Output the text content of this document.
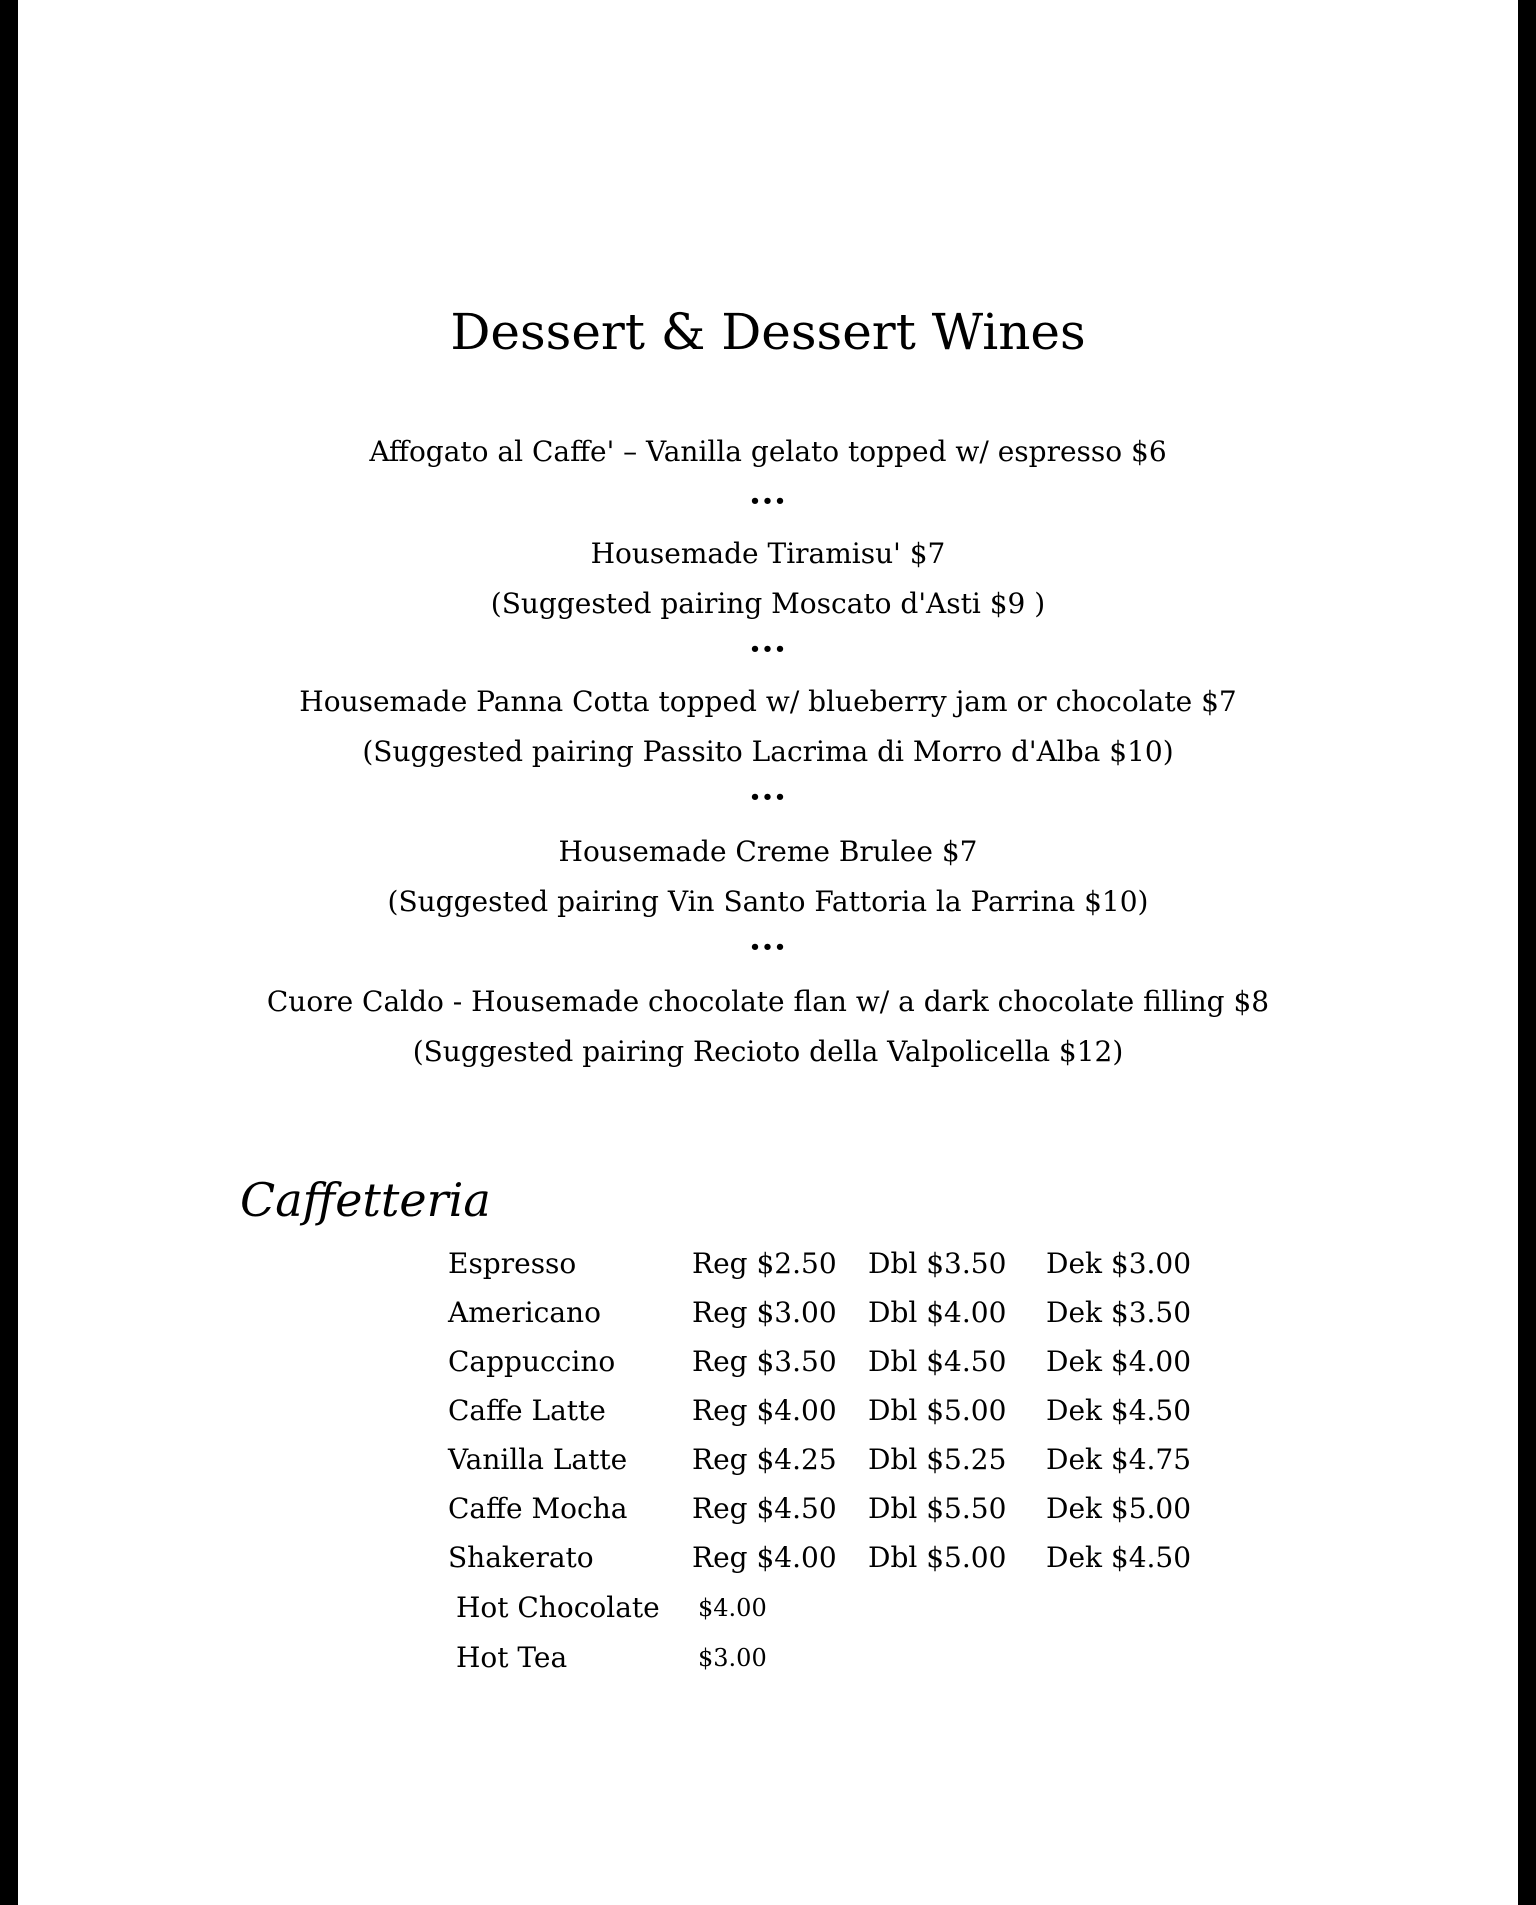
Dessert & Dessert Wines
Affogato al Caffe' – Vanilla gelato topped w/ espresso $6
•••
Housemade Tiramisu' $7
(Suggested pairing Moscato d'Asti $9 )
•••
Housemade Panna Cotta topped w/ blueberry jam or chocolate $7
(Suggested pairing Passito Lacrima di Morro d'Alba $10)
•••
Housemade Creme Brulee $7
(Suggested pairing Vin Santo Fattoria la Parrina $10)
•••
Cuore Caldo - Housemade chocolate flan w/ a dark chocolate filling $8
(Suggested pairing Recioto della Valpolicella $12)
Caffetteria
Espresso	Reg $2.50 Dbl $3.50 Dek $3.00
Americano	Reg $3.00 Dbl $4.00 Dek $3.50
Cappuccino	Reg $3.50 Dbl $4.50 Dek $4.00
Caffe Latte	Reg $4.00 Dbl $5.00 Dek $4.50
Vanilla Latte Reg $4.25 Dbl $5.25 Dek $4.75
Caffe Mocha Reg $4.50 Dbl $5.50 Dek $5.00
Shakerato	Reg $4.00 Dbl $5.00 Dek $4.50
Hot Chocolate $4.00
Hot Tea	$3.00
